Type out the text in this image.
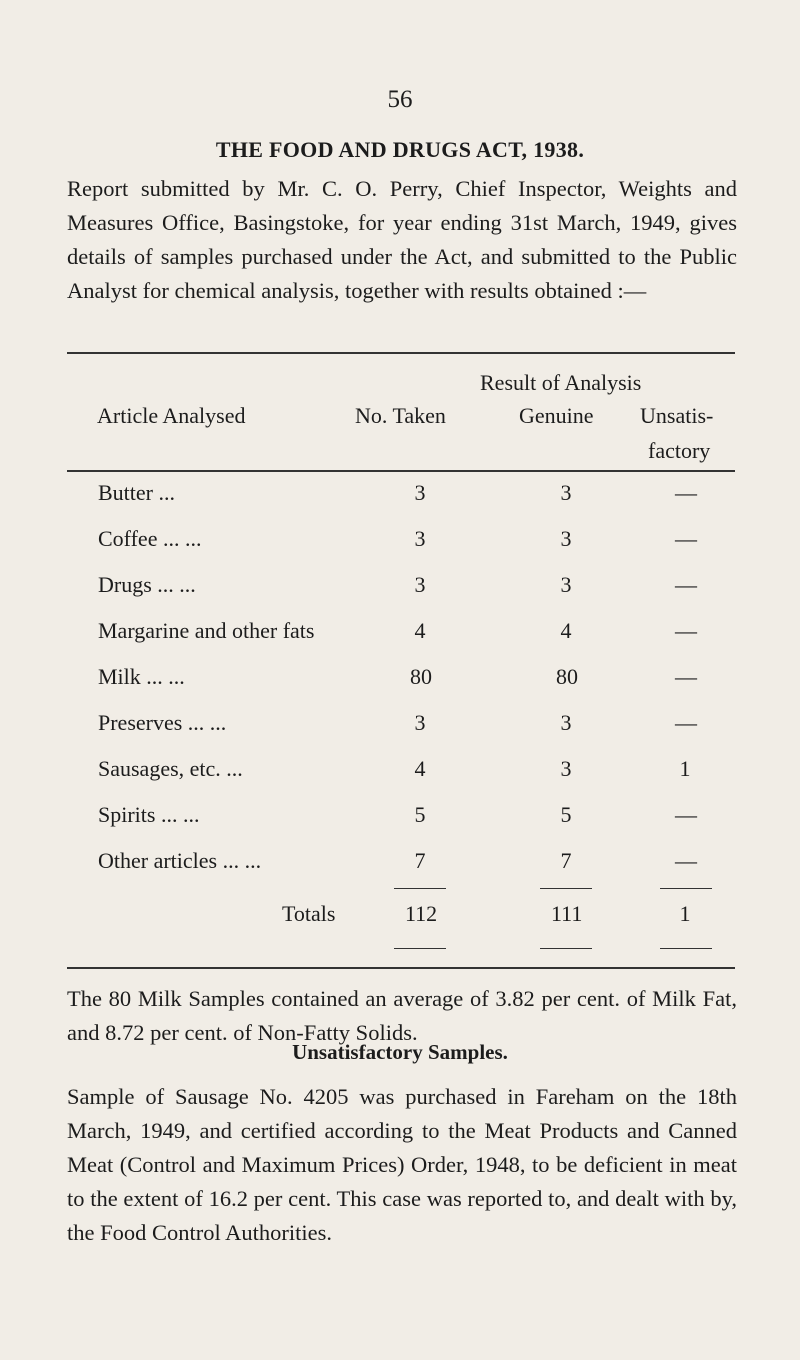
56
THE FOOD AND DRUGS ACT, 1938.
Report submitted by Mr. C. O. Perry, Chief Inspector, Weights and Measures Office, Basingstoke, for year ending 31st March, 1949, gives details of samples purchased under the Act, and submitted to the Public Analyst for chemical analysis, together with results obtained :—
Result of Analysis
Article Analysed	No. Taken	Genuine Unsatis-
factory
Butter ...	3	3	—
Coffee ... ...	3	3	—
Drugs ... ...	3	3	—
Margarine and other fats	4	4	—
Milk ... ...	80	80	—
Preserves ... ...	3	3	—
Sausages, etc. ...	4	3	1
Spirits ... ...	5	5	—
Other articles ... ...	7	7	—
Totals	112	111	1
The 80 Milk Samples contained an average of 3.82 per cent. of Milk Fat, and 8.72 per cent. of Non-Fatty Solids.
Unsatisfactory Samples.
Sample of Sausage No. 4205 was purchased in Fareham on the 18th March, 1949, and certified according to the Meat Products and Canned Meat (Control and Maximum Prices) Order, 1948, to be deficient in meat to the extent of 16.2 per cent. This case was reported to, and dealt with by, the Food Control Authorities.
